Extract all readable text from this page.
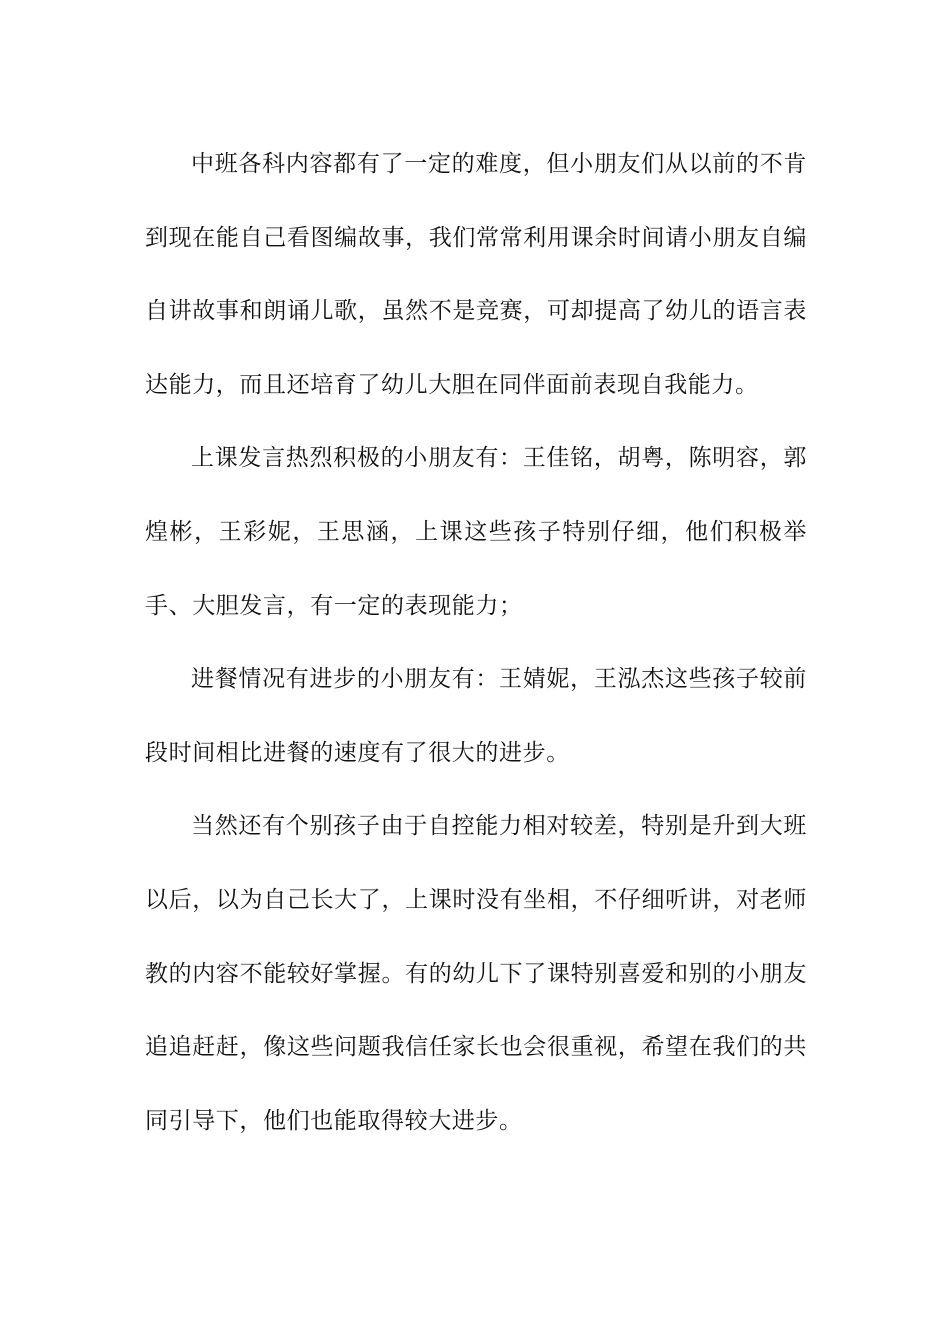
中班各科内容都有了一定的难度，但小朋友们从以前的不肯到现在能自己看图编故事，我们常常利用课余时间请小朋友自编自讲故事和朗诵儿歌，虽然不是竞赛，可却提高了幼儿的语言表达能力，而且还培育了幼儿大胆在同伴面前表现自我能力。

上课发言热烈积极的小朋友有：王佳铭，胡粤，陈明容，郭煌彬，王彩妮，王思涵，上课这些孩子特别仔细，他们积极举手、大胆发言，有一定的表现能力；

进餐情况有进步的小朋友有：王婧妮，王泓杰这些孩子较前段时间相比进餐的速度有了很大的进步。

当然还有个别孩子由于自控能力相对较差，特别是升到大班以后，以为自己长大了，上课时没有坐相，不仔细听讲，对老师教的内容不能较好掌握。有的幼儿下了课特别喜爱和别的小朋友追追赶赶，像这些问题我信任家长也会很重视，希望在我们的共同引导下，他们也能取得较大进步。
